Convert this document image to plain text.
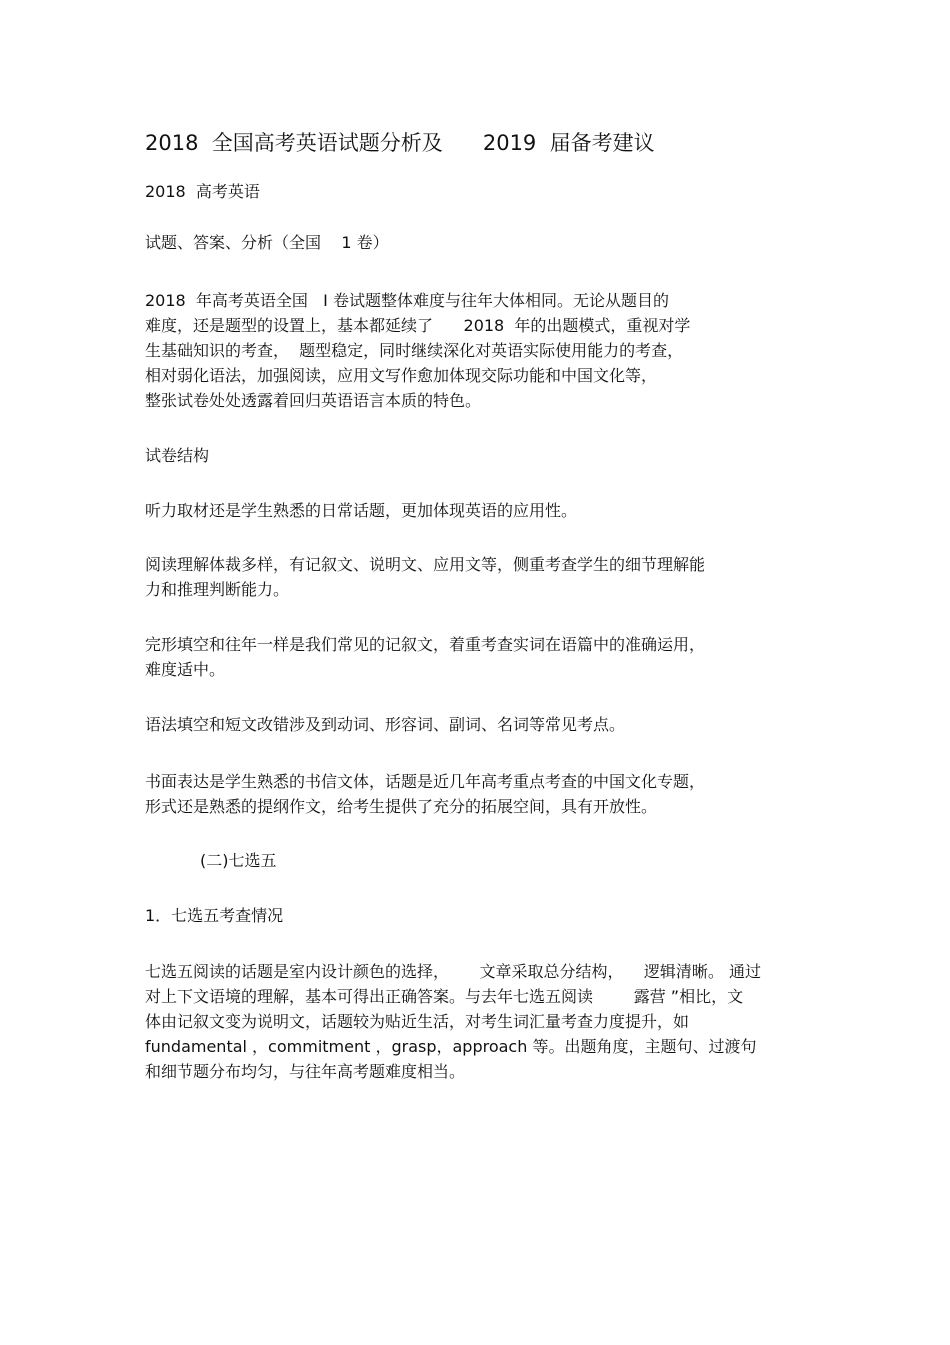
2018  全国高考英语试题分析及      2019  届备考建议

2018  高考英语

试题、答案、分析（全国    1 卷）

2018  年高考英语全国   I 卷试题整体难度与往年大体相同。无论从题目的
难度，还是题型的设置上，基本都延续了      2018  年的出题模式，重视对学
生基础知识的考查，  题型稳定，同时继续深化对英语实际使用能力的考查，
相对弱化语法，加强阅读，应用文写作愈加体现交际功能和中国文化等，
整张试卷处处透露着回归英语语言本质的特色。

试卷结构

听力取材还是学生熟悉的日常话题，更加体现英语的应用性。

阅读理解体裁多样，有记叙文、说明文、应用文等，侧重考查学生的细节理解能
力和推理判断能力。

完形填空和往年一样是我们常见的记叙文，着重考查实词在语篇中的准确运用，
难度适中。

语法填空和短文改错涉及到动词、形容词、副词、名词等常见考点。

书面表达是学生熟悉的书信文体，话题是近几年高考重点考查的中国文化专题，
形式还是熟悉的提纲作文，给考生提供了充分的拓展空间，具有开放性。

(二)七选五

1．七选五考查情况

七选五阅读的话题是室内设计颜色的选择，      文章采取总分结构，    逻辑清晰。 通过
对上下文语境的理解，基本可得出正确答案。与去年七选五阅读        露营 ”相比，文
体由记叙文变为说明文，话题较为贴近生活，对考生词汇量考查力度提升，如
fundamental ，commitment ，grasp，approach 等。出题角度，主题句、过渡句
和细节题分布均匀，与往年高考题难度相当。
